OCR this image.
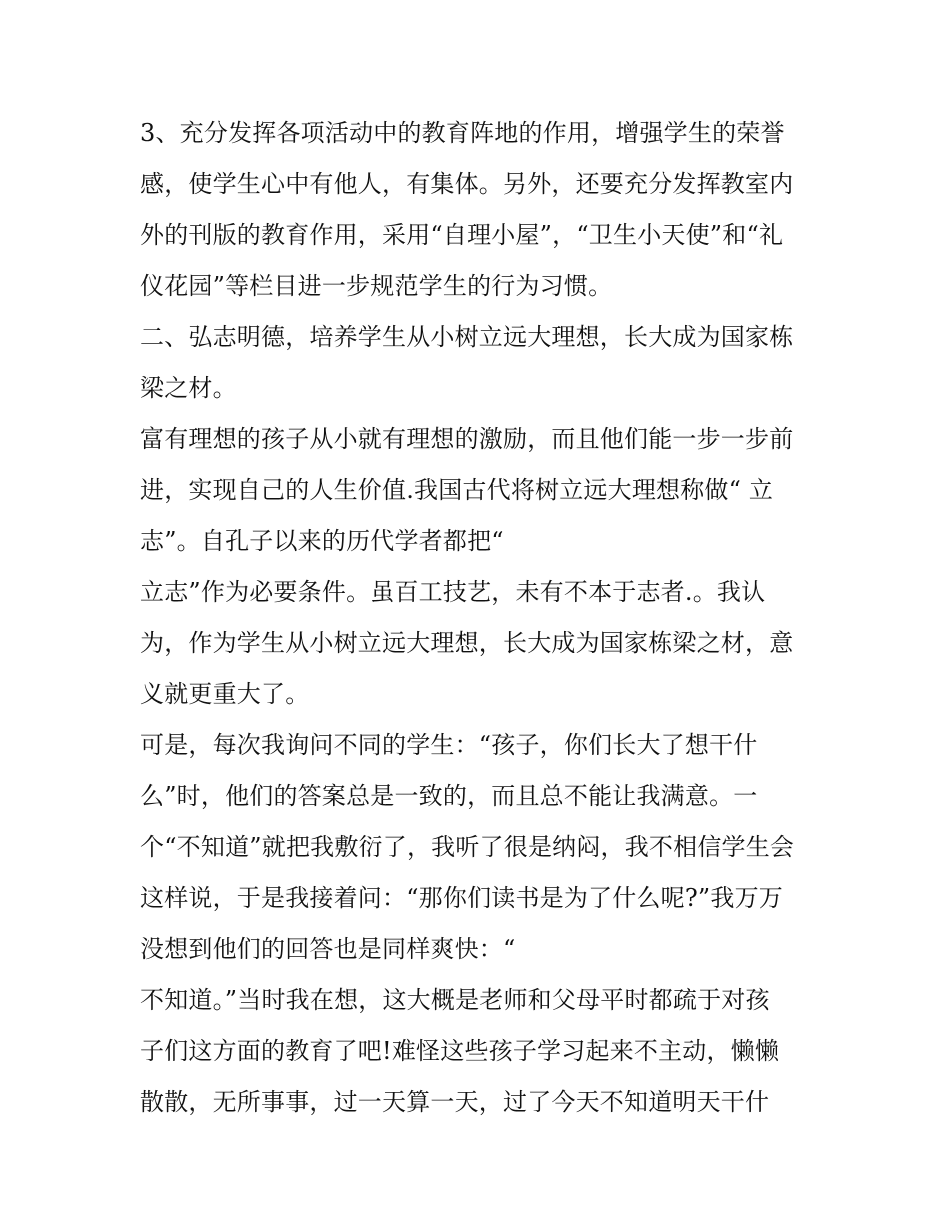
3、充分发挥各项活动中的教育阵地的作用，增强学生的荣誉
感，使学生心中有他人，有集体。另外，还要充分发挥教室内
外的刊版的教育作用，采用“自理小屋”，“卫生小天使”和“礼
仪花园”等栏目进一步规范学生的行为习惯。
二、弘志明德，培养学生从小树立远大理想，长大成为国家栋
梁之材。
富有理想的孩子从小就有理想的激励，而且他们能一步一步前
进，实现自己的人生价值.我国古代将树立远大理想称做“ 立
志”。自孔子以来的历代学者都把“
立志”作为必要条件。虽百工技艺，未有不本于志者.。我认
为，作为学生从小树立远大理想，长大成为国家栋梁之材，意
义就更重大了。
可是，每次我询问不同的学生：“孩子，你们长大了想干什
么”时，他们的答案总是一致的，而且总不能让我满意。一
个“不知道”就把我敷衍了，我听了很是纳闷，我不相信学生会
这样说，于是我接着问：“那你们读书是为了什么呢?”我万万
没想到他们的回答也是同样爽快：“
不知道。”当时我在想，这大概是老师和父母平时都疏于对孩
子们这方面的教育了吧!难怪这些孩子学习起来不主动，懒懒
散散，无所事事，过一天算一天，过了今天不知道明天干什
